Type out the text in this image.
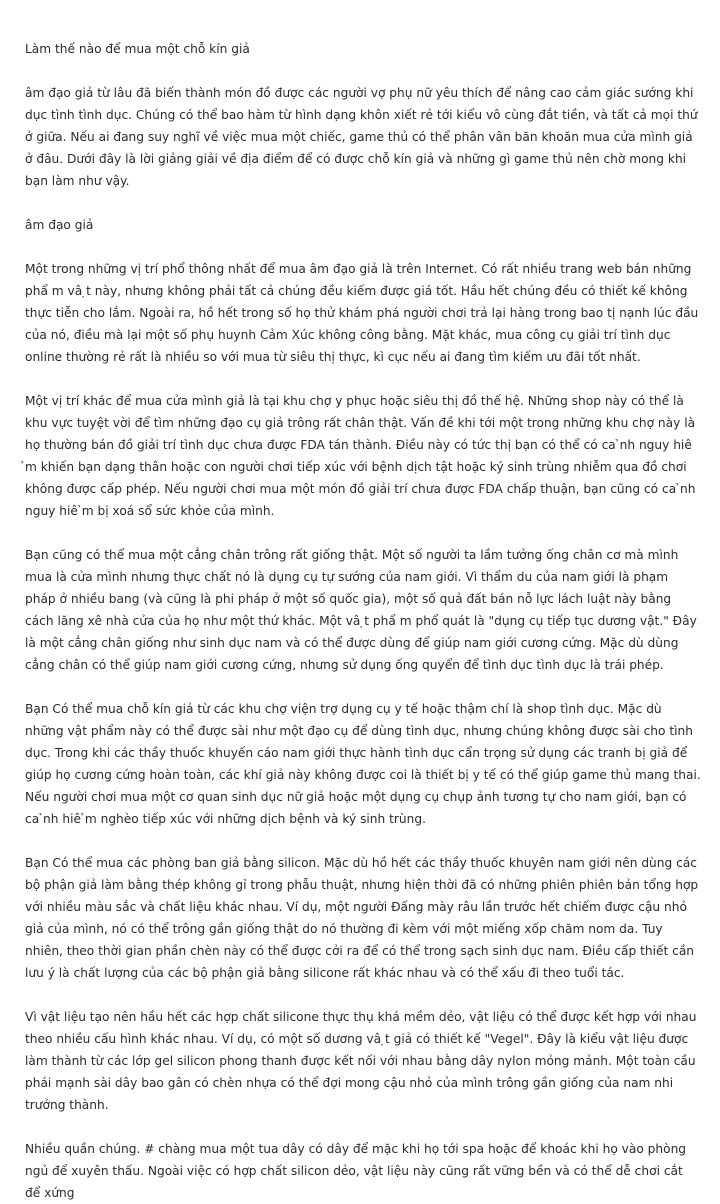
Làm thế nào để mua một chỗ kín giả

âm đạo giả từ lâu đã biến thành món đồ được các người vợ phụ nữ yêu thích để nâng cao cảm giác sướng khi dục tình tình dục. Chúng có thể bao hàm từ hình dạng khôn xiết rẻ tới kiểu vô cùng đắt tiền, và tất cả mọi thứ ở giữa. Nếu ai đang suy nghĩ về việc mua một chiếc, game thủ có thể phân vân băn khoăn mua cửa mình giả ở đâu. Dưới đây là lời giảng giải về địa điểm để có được chỗ kín giả và những gì game thủ nên chờ mong khi bạn làm như vậy.

âm đạo giả

Một trong những vị trí phổ thông nhất để mua âm đạo giả là trên Internet. Có rất nhiều trang web bán những phẩ m vâ ̣t này, nhưng không phải tất cả chúng đều kiếm được giá tốt. Hầu hết chúng đều có thiết kế không thực tiễn cho lắm. Ngoài ra, hồ hết trong số họ thử khám phá người chơi trả lại hàng trong bao tị nạnh lúc đầu của nó, điều mà lại một số phụ huynh Cảm Xúc không công bằng. Mặt khác, mua công cụ giải trí tình dục online thường rẻ rất là nhiều so với mua từ siêu thị thực, kì cục nếu ai đang tìm kiếm ưu đãi tốt nhất.

Một vị trí khác để mua cửa mình giả là tại khu chợ y phục hoặc siêu thị đồ thế hệ. Những shop này có thể là khu vực tuyệt vời để tìm những đạo cụ giả trông rất chân thật. Vấn đề khi tới một trong những khu chợ này là họ thường bán đồ giải trí tình dục chưa được FDA tán thành. Điều này có tức thị bạn có thể có ca ̉nh nguy hiê ̉m khiến bạn dạng thân hoặc con người chơi tiếp xúc với bệnh dịch tật hoặc ký sinh trùng nhiễm qua đồ chơi không được cấp phép. Nếu người chơi mua một món đồ giải trí chưa được FDA chấp thuận, bạn cũng có ca ̉nh nguy hiê ̉m bị xoá sổ sức khỏe của mình.

Bạn cũng có thể mua một cẳng chân trông rất giống thật. Một số người ta lầm tưởng ống chân cơ mà mình mua là cửa mình nhưng thực chất nó là dụng cụ tự sướng của nam giới. Vì thẩm du của nam giới là phạm pháp ở nhiều bang (và cũng là phi pháp ở một số quốc gia), một số quả đất bán nỗ lực lách luật này bằng cách lăng xê nhà cửa của họ như một thứ khác. Một vâ ̣t phẩ m phổ quát là "dụng cụ tiếp tục dương vật." Đây là một cẳng chân giống như sinh dục nam và có thể được dùng để giúp nam giới cương cứng. Mặc dù dùng cẳng chân có thể giúp nam giới cương cứng, nhưng sử dụng ống quyển để tình dục tình dục là trái phép.

Bạn Có thể mua chỗ kín giả từ các khu chợ viện trợ dụng cụ y tế hoặc thậm chí là shop tình dục. Mặc dù những vật phẩm này có thể được sài như một đạo cụ để dùng tình dục, nhưng chúng không được sài cho tình dục. Trong khi các thầy thuốc khuyến cáo nam giới thực hành tình dục cẩn trọng sử dụng các tranh bị giả để giúp họ cương cứng hoàn toàn, các khí giả này không được coi là thiết bị y tế có thể giúp game thủ mang thai. Nếu người chơi mua một cơ quan sinh dục nữ giả hoặc một dụng cụ chụp ảnh tương tự cho nam giới, bạn có ca ̉nh hiê ̉m nghèo tiếp xúc với những dịch bệnh và ký sinh trùng.

Bạn Có thể mua các phòng ban giả bằng silicon. Mặc dù hồ hết các thầy thuốc khuyên nam giới nên dùng các bộ phận giả làm bằng thép không gỉ trong phẫu thuật, nhưng hiện thời đã có những phiên phiên bản tổng hợp với nhiều màu sắc và chất liệu khác nhau. Ví dụ, một người Đấng mày râu lần trước hết chiếm được cậu nhỏ giả của mình, nó có thể trông gần giống thật do nó thường đi kèm với một miếng xốp chăm nom da. Tuy nhiên, theo thời gian phần chèn này có thể được cởi ra để có thể trong sạch sinh dục nam. Điều cấp thiết cần lưu ý là chất lượng của các bộ phận giả bằng silicone rất khác nhau và có thể xấu đi theo tuổi tác.

Vì vật liệu tạo nên hầu hết các hợp chất silicone thực thụ khá mềm dẻo, vật liệu có thể được kết hợp với nhau theo nhiều cấu hình khác nhau. Ví dụ, có một số dương vâ ̣t giả có thiết kế "Vegel". Đây là kiểu vật liệu được làm thành từ các lớp gel silicon phong thanh được kết nối với nhau bằng dây nylon mỏng mảnh. Một toàn cầu phái mạnh sài dây bao gân có chèn nhựa có thể đợi mong cậu nhỏ của mình trông gần giống của nam nhi trưởng thành.

Nhiều quần chúng. # chàng mua một tua dây có dây để mặc khi họ tới spa hoặc để khoác khi họ vào phòng ngủ để xuyên thấu. Ngoài việc có hợp chất silicon dẻo, vật liệu này cũng rất vững bền và có thể dễ chơi cắt để xứng
